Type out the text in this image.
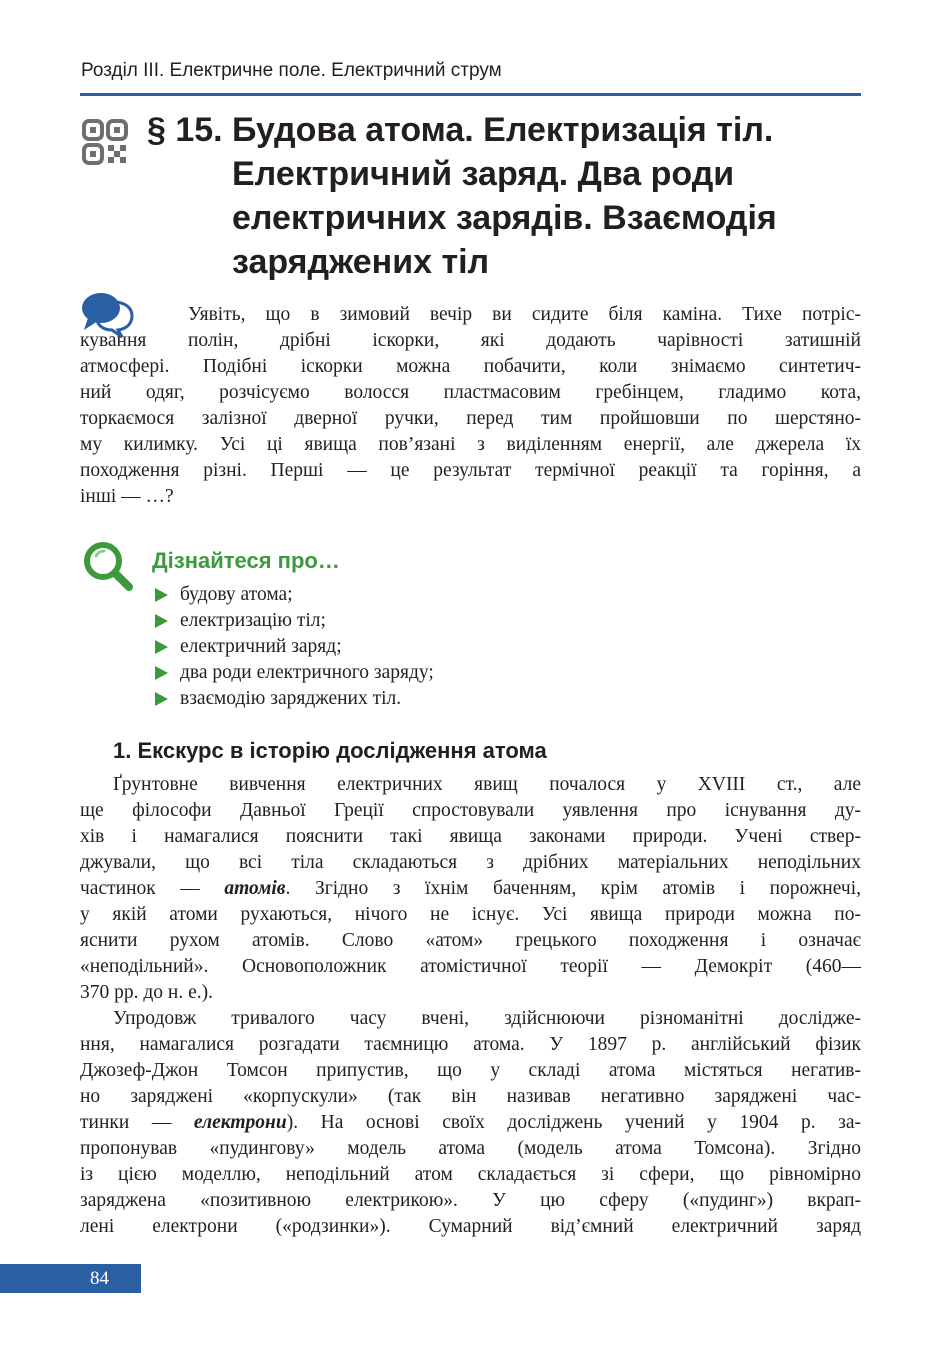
Розділ III. Електричне поле. Електричний струм
§ 15. Будова атома. Електризація тіл.
Електричний заряд. Два роди
електричних зарядів. Взаємодія
заряджених тіл
Уявіть, що в зимовий вечір ви сидите біля каміна. Тихе потріс-
кування полін, дрібні іскорки, які додають чарівності затишній
атмосфері. Подібні іскорки можна побачити, коли знімаємо синтетич-
ний одяг, розчісуємо волосся пластмасовим гребінцем, гладимо кота,
торкаємося залізної дверної ручки, перед тим пройшовши по шерстяно-
му килимку. Усі ці явища пов’язані з виділенням енергії, але джерела їх
походження різні. Перші — це результат термічної реакції та горіння, а
інші — …?
Дізнайтеся про…
будову атома;
електризацію тіл;
електричний заряд;
два роди електричного заряду;
взаємодію заряджених тіл.
1. Екскурс в історію дослідження атома
Ґрунтовне вивчення електричних явищ почалося у XVIII ст., але
ще філософи Давньої Греції спростовували уявлення про існування ду-
хів і намагалися пояснити такі явища законами природи. Учені ствер-
джували, що всі тіла складаються з дрібних матеріальних неподільних
частинок — атомів. Згідно з їхнім баченням, крім атомів і порожнечі,
у якій атоми рухаються, нічого не існує. Усі явища природи можна по-
яснити рухом атомів. Слово «атом» грецького походження і означає
«неподільний». Основоположник атомістичної теорії — Демокріт (460—
370 рр. до н. е.).
Упродовж тривалого часу вчені, здійснюючи різноманітні дослідже-
ння, намагалися розгадати таємницю атома. У 1897 р. англійський фізик
Джозеф-Джон Томсон припустив, що у складі атома містяться негатив-
но заряджені «корпускули» (так він називав негативно заряджені час-
тинки — електрони). На основі своїх досліджень учений у 1904 р. за-
пропонував «пудингову» модель атома (модель атома Томсона). Згідно
із цією моделлю, неподільний атом складається зі сфери, що рівномірно
заряджена «позитивною електрикою». У цю сферу («пудинг») вкрап-
лені електрони («родзинки»). Сумарний від’ємний електричний заряд
84
